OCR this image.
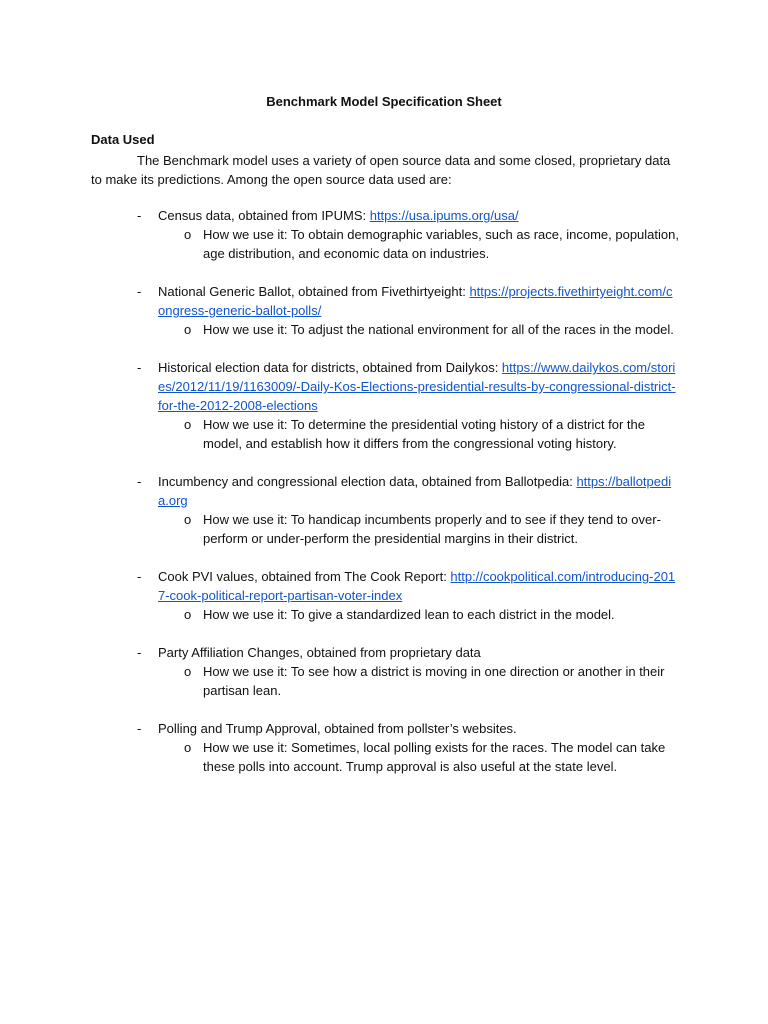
Benchmark Model Specification Sheet
Data Used
The Benchmark model uses a variety of open source data and some closed, proprietary data to make its predictions. Among the open source data used are:
- Census data, obtained from IPUMS: https://usa.ipums.org/usa/
o How we use it: To obtain demographic variables, such as race, income, population, age distribution, and economic data on industries.
- National Generic Ballot, obtained from Fivethirtyeight: https://projects.fivethirtyeight.com/congress-generic-ballot-polls/
o How we use it: To adjust the national environment for all of the races in the model.
- Historical election data for districts, obtained from Dailykos: https://www.dailykos.com/stories/2012/11/19/1163009/-Daily-Kos-Elections-presidential-results-by-congressional-district-for-the-2012-2008-elections
o How we use it: To determine the presidential voting history of a district for the model, and establish how it differs from the congressional voting history.
- Incumbency and congressional election data, obtained from Ballotpedia: https://ballotpedia.org
o How we use it: To handicap incumbents properly and to see if they tend to over-perform or under-perform the presidential margins in their district.
- Cook PVI values, obtained from The Cook Report: http://cookpolitical.com/introducing-2017-cook-political-report-partisan-voter-index
o How we use it: To give a standardized lean to each district in the model.
- Party Affiliation Changes, obtained from proprietary data
o How we use it: To see how a district is moving in one direction or another in their partisan lean.
- Polling and Trump Approval, obtained from pollster’s websites.
o How we use it: Sometimes, local polling exists for the races. The model can take these polls into account. Trump approval is also useful at the state level.
